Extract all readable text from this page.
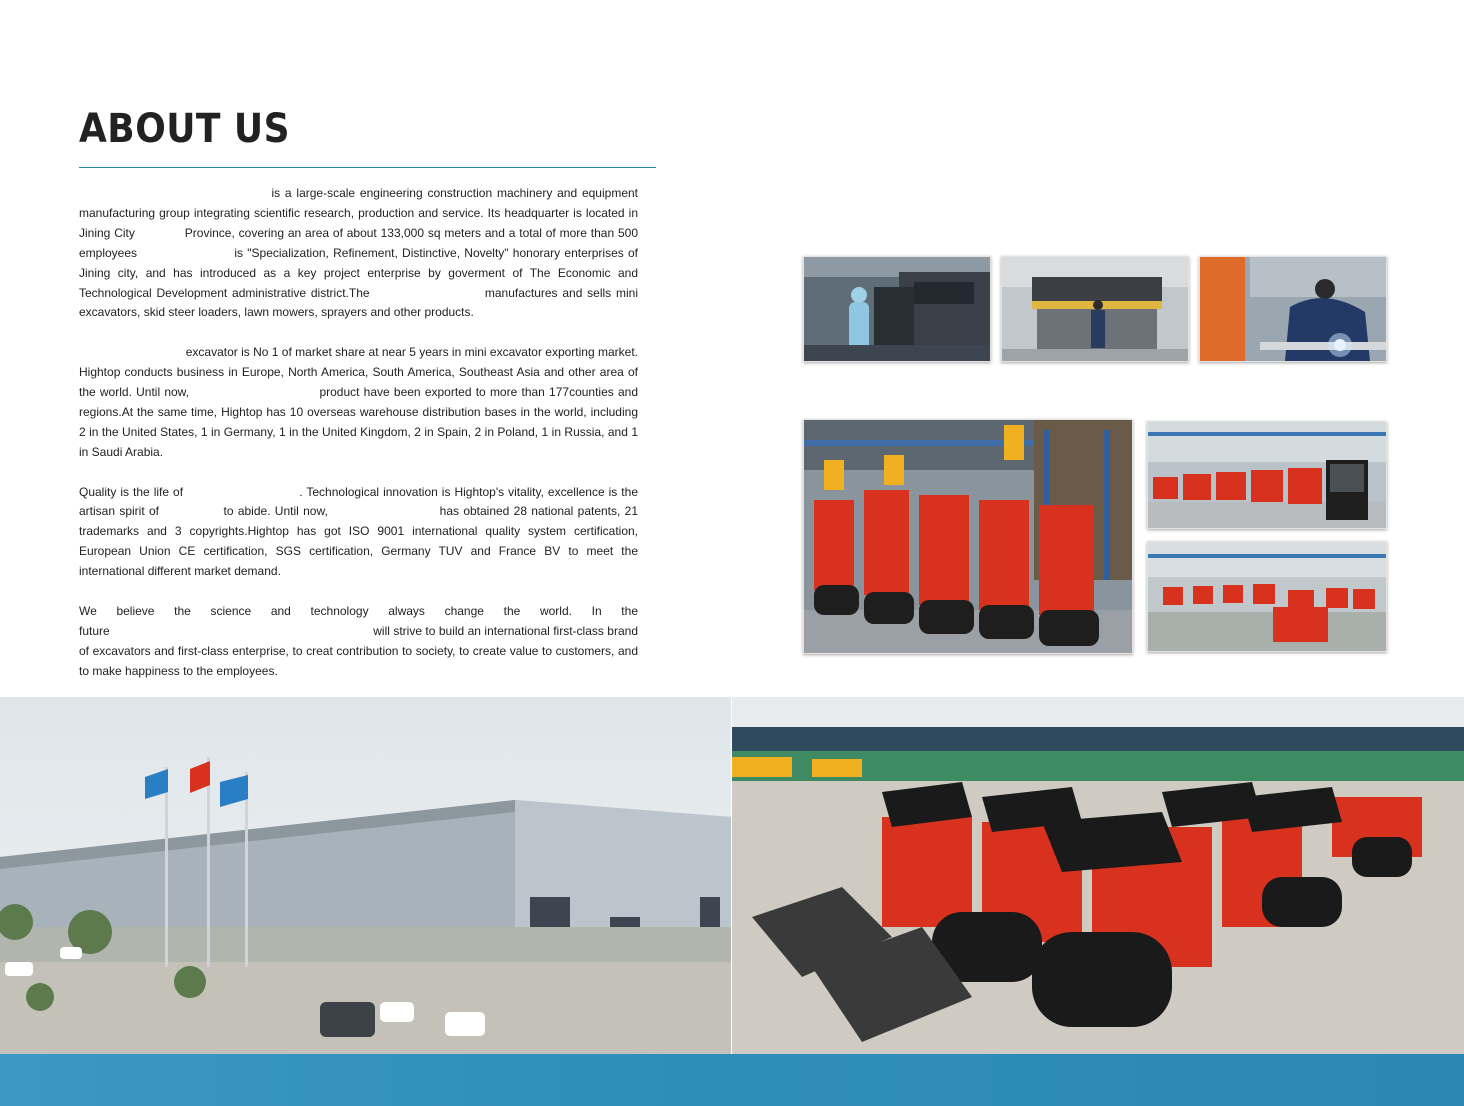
ABOUT US

is a large-scale engineering construction machinery and equipment manufacturing group integrating scientific research, production and service. Its headquarter is located in Jining City             Province, covering an area of about 133,000 sq meters and a total of more than 500 employees                       is "Specialization, Refinement, Distinctive, Novelty" honorary enterprises of Jining city, and has introduced as a key project enterprise by goverment of The Economic and Technological Development administrative district.The                        manufactures and sells mini excavators, skid steer loaders, lawn mowers, sprayers and other products.

excavator is No 1 of market share at near 5 years in mini excavator exporting market. Hightop conducts business in Europe, North America, South America, Southeast Asia and other area of the world. Until now,                               product have been exported to more than 177counties and regions.At the same time, Hightop has 10 overseas warehouse distribution bases in the world, including 2 in the United States, 1 in Germany, 1 in the United Kingdom, 2 in Spain, 2 in Poland, 1 in Russia, and 1 in Saudi Arabia.

Quality is the life of                             . Technological innovation is Hightop's vitality, excellence is the artisan spirit of               to abide. Until now,                          has obtained 28 national patents, 21 trademarks and 3 copyrights.Hightop has got ISO 9001 international quality system certification, European Union CE certification, SGS certification, Germany TUV and France BV to meet the international different market demand.

We believe the science and technology always change the world. In the future                                                                             will strive to build an international first-class brand of excavators and first-class enterprise, to creat contribution to society, to create value to customers, and to make happiness to the employees.
